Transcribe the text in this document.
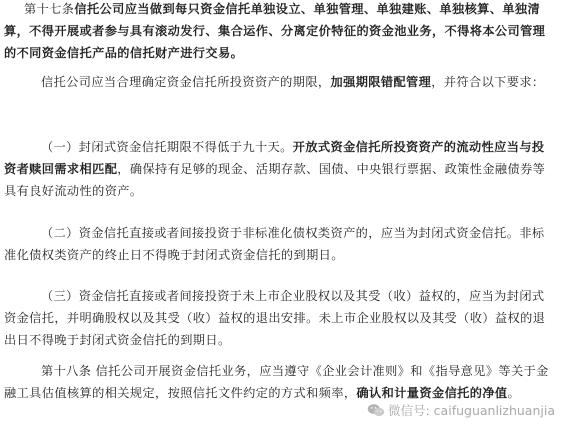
第十七条信托公司应当做到每只资金信托单独设立、单独管理、单独建账、单独核算、单独清算，不得开展或者参与具有滚动发行、集合运作、分离定价特征的资金池业务，不得将本公司管理的不同资金信托产品的信托财产进行交易。

信托公司应当合理确定资金信托所投资资产的期限，加强期限错配管理，并符合以下要求：

（一）封闭式资金信托期限不得低于九十天。开放式资金信托所投资资产的流动性应当与投资者赎回需求相匹配，确保持有足够的现金、活期存款、国债、中央银行票据、政策性金融债券等具有良好流动性的资产。

（二）资金信托直接或者间接投资于非标准化债权类资产的，应当为封闭式资金信托。非标准化债权类资产的终止日不得晚于封闭式资金信托的到期日。

（三）资金信托直接或者间接投资于未上市企业股权以及其受（收）益权的，应当为封闭式资金信托，并明确股权以及其受（收）益权的退出安排。未上市企业股权以及其受（收）益权的退出日不得晚于封闭式资金信托的到期日。

第十八条 信托公司开展资金信托业务，应当遵守《企业会计准则》和《指导意见》等关于金融工具估值核算的相关规定，按照信托文件约定的方式和频率，确认和计量资金信托的净值。

微信号: caifuguanlizhuanjia
